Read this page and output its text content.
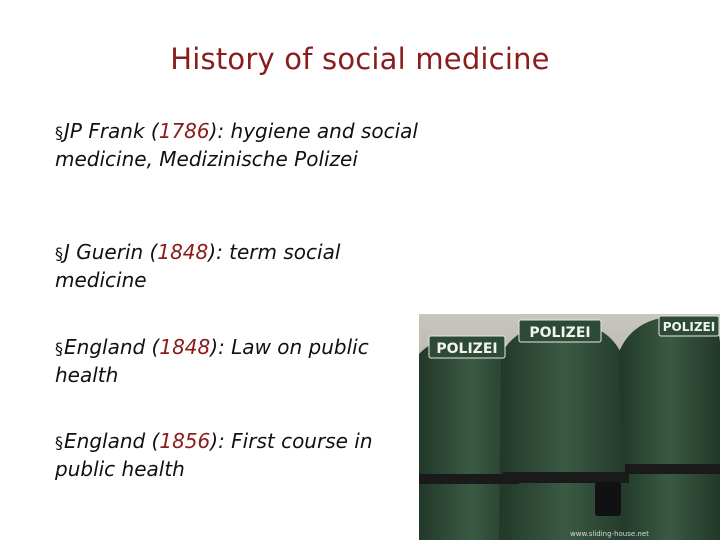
History of social medicine
§JP Frank (1786): hygiene and social medicine, Medizinische Polizei
§J Guerin (1848): term social medicine
§England (1848): Law on public health
§England (1856): First course in public health
POLIZEI
POLIZEI	POLIZEI
www.sliding-house.net
